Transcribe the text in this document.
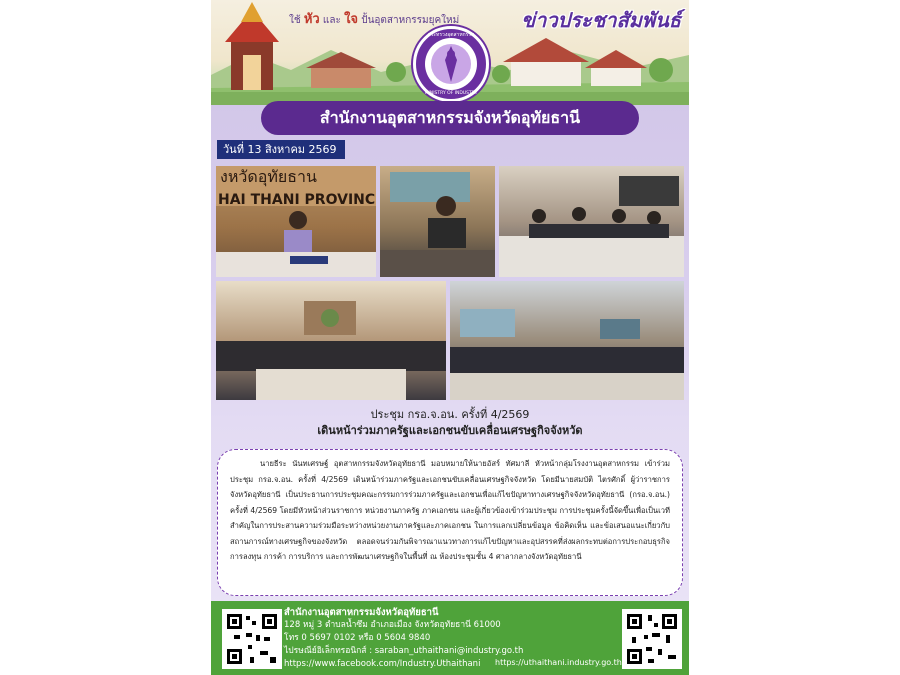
ใช้ หัว และ ใจ ปั้นอุตสาหกรรมยุคใหม่	ข่าวประชาสัมพันธ์
กระทรวงอุตสาหกรรม
MINISTRY OF INDUSTRY
สำนักงานอุตสาหกรรมจังหวัดอุทัยธานี
วันที่ 13 สิงหาคม 2569
งหวัดอุทัยธาน
HAI THANI PROVINC
ประชุม กรอ.จ.อน. ครั้งที่ 4/2569
เดินหน้าร่วมภาครัฐและเอกชนขับเคลื่อนเศรษฐกิจจังหวัด
นายธีระ นันทเศรษฐ์ อุตสาหกรรมจังหวัดอุทัยธานี มอบหมายให้นายอัสร์ ทัศมาลี หัวหน้ากลุ่มโรงงานอุตสาหกรรม เข้าร่วมประชุม กรอ.จ.อน. ครั้งที่ 4/2569 เดินหน้าร่วมภาครัฐและเอกชนขับเคลื่อนเศรษฐกิจจังหวัด โดยมีนายสมบัติ ไตรศักดิ์ ผู้ว่าราชการจังหวัดอุทัยธานี เป็นประธานการประชุมคณะกรรมการร่วมภาครัฐและเอกชนเพื่อแก้ไขปัญหาทางเศรษฐกิจจังหวัดอุทัยธานี (กรอ.จ.อน.) ครั้งที่ 4/2569 โดยมีหัวหน้าส่วนราชการ หน่วยงานภาครัฐ ภาคเอกชน และผู้เกี่ยวข้องเข้าร่วมประชุม การประชุมครั้งนี้จัดขึ้นเพื่อเป็นเวทีสำคัญในการประสานความร่วมมือระหว่างหน่วยงานภาครัฐและภาคเอกชน ในการแลกเปลี่ยนข้อมูล ข้อคิดเห็น และข้อเสนอแนะเกี่ยวกับสถานการณ์ทางเศรษฐกิจของจังหวัด ตลอดจนร่วมกันพิจารณาแนวทางการแก้ไขปัญหาและอุปสรรคที่ส่งผลกระทบต่อการประกอบธุรกิจ การลงทุน การค้า การบริการ และการพัฒนาเศรษฐกิจในพื้นที่ ณ ห้องประชุมชั้น 4 ศาลากลางจังหวัดอุทัยธานี
สำนักงานอุตสาหกรรมจังหวัดอุทัยธานี
128 หมู่ 3 ตำบลน้ำซึม อำเภอเมือง จังหวัดอุทัยธานี 61000
โทร 0 5697 0102 หรือ 0 5604 9840
ไปรษณีย์อิเล็กทรอนิกส์ : saraban_uthaithani@industry.go.th
https://www.facebook.com/Industry.Uthaithani	https://uthaithani.industry.go.th
